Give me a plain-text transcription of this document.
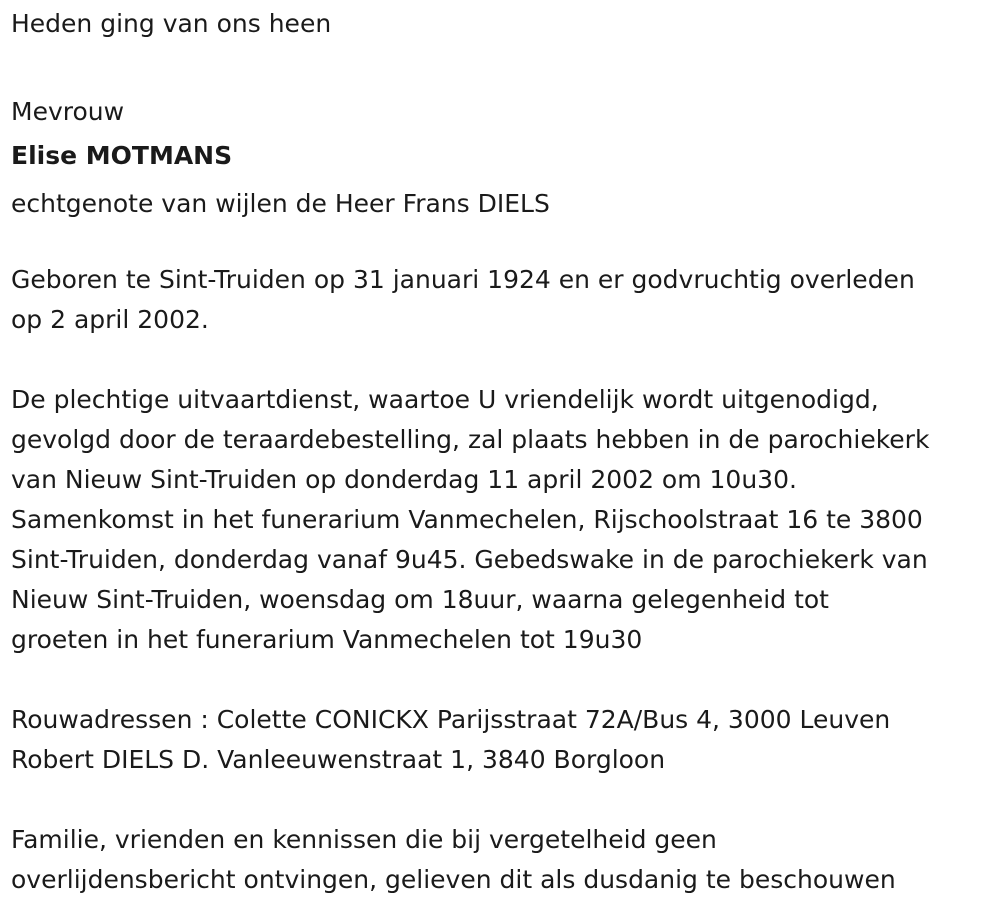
Heden ging van ons heen
Mevrouw
Elise MOTMANS
echtgenote van wijlen de Heer Frans DIELS
Geboren te Sint-Truiden op 31 januari 1924 en er godvruchtig overleden
op 2 april 2002.
De plechtige uitvaartdienst, waartoe U vriendelijk wordt uitgenodigd,
gevolgd door de teraardebestelling, zal plaats hebben in de parochiekerk
van Nieuw Sint-Truiden op donderdag 11 april 2002 om 10u30.
Samenkomst in het funerarium Vanmechelen, Rijschoolstraat 16 te 3800
Sint-Truiden, donderdag vanaf 9u45. Gebedswake in de parochiekerk van
Nieuw Sint-Truiden, woensdag om 18uur, waarna gelegenheid tot
groeten in het funerarium Vanmechelen tot 19u30
Rouwadressen : Colette CONICKX Parijsstraat 72A/Bus 4, 3000 Leuven
Robert DIELS D. Vanleeuwenstraat 1, 3840 Borgloon
Familie, vrienden en kennissen die bij vergetelheid geen
overlijdensbericht ontvingen, gelieven dit als dusdanig te beschouwen
